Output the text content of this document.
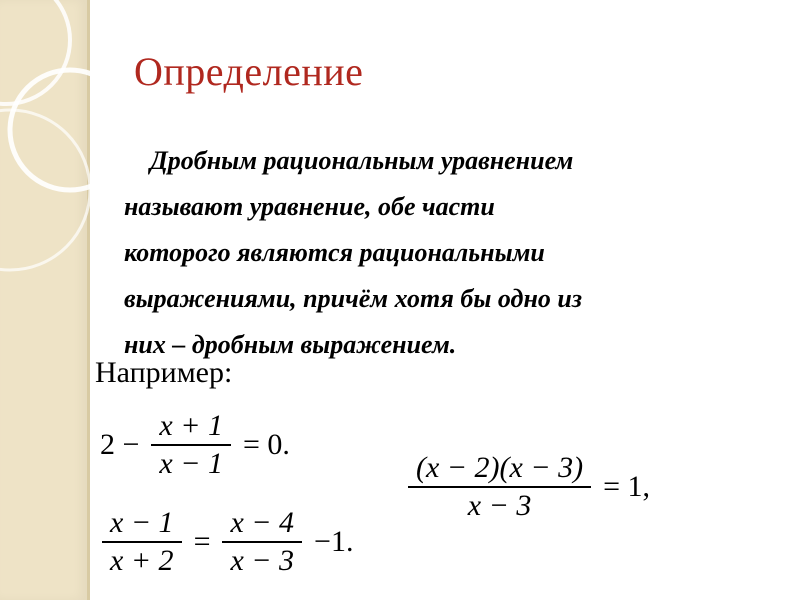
Определение
Дробным рациональным уравнением
называют уравнение, обе части
которого являются рациональными
выражениями, причём хотя бы одно из
них – дробным выражением.
Например:
$2 - \frac{x + 1}{x - 1} = 0$.
$\frac{x - 1}{x + 2} = \frac{x - 4}{x - 3} -1$.
$\frac{(x - 2)(x - 3)}{x - 3} = 1$,
